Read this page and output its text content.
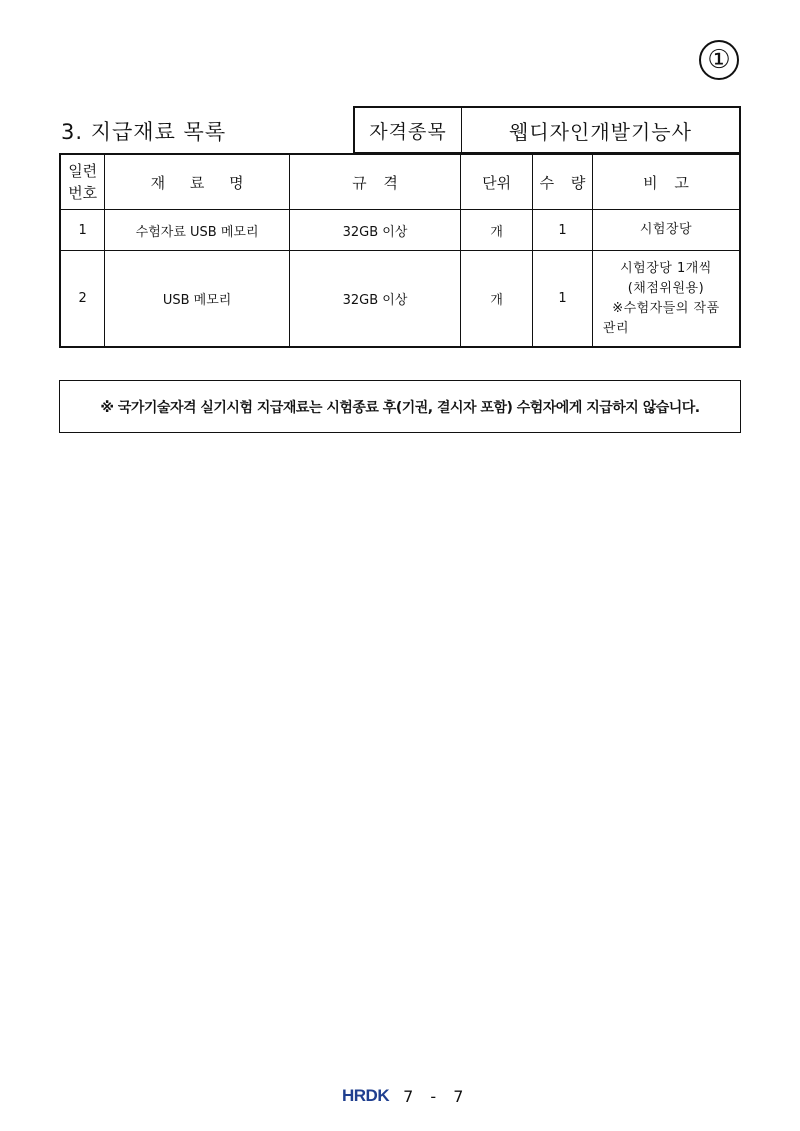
①
3. 지급재료 목록	자격종목	웹디자인개발기능사
일련
번호	재 료 명	규 격	단위	수 량	비 고
1	수험자료 USB 메모리	32GB 이상	개	1	시험장당

2	USB 메모리	32GB 이상	개	1	시험장당 1개씩
(채점위원용)
※수험자들의 작품
관리
※ 국가기술자격 실기시험 지급재료는 시험종료 후(기권, 결시자 포함) 수험자에게 지급하지 않습니다.
HRDK 7 - 7
